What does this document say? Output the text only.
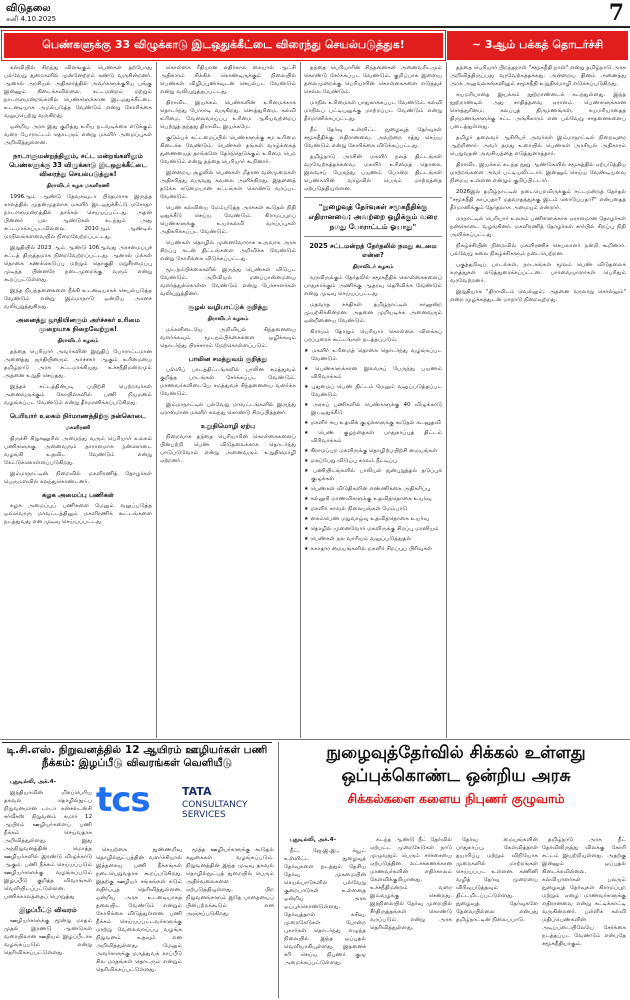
விடுதலை
சனி 4.10.2025	7
பெண்களுக்கு 33 விழுக்காடு இடஒதுக்கீட்டை விரைந்து செயல்படுத்துக!	~ 3ஆம் பக்கத் தொடர்ச்சி

கல்வியில் சிறந்து விளங்கும் பெண்கள் தற்போது பல்வேறு துறைகளில் முன்னேற்றம் கண்டு வருகின்றனர். ஆனால் அரசியல் அதிகாரத்தில் அவர்களுக்குரிய பங்கு இன்னும் கிடைக்கவில்லை. சட்டமன்றம் மற்றும் நாடாளுமன்றங்களில் பெண்களுக்கான இடஒதுக்கீட்டை உடனடியாக அமல்படுத்த வேண்டும் என்று கோரிக்கை வலுப்பெற்று வருகிறது.

ஒன்றிய அரசு இது குறித்து உரிய நடவடிக்கை எடுக்கும் வரை போராட்டம் தொடரும் என்று மகளிர் அமைப்புகள் அறிவித்துள்ளன.

நாடாளுமன்றத்திலும், சட்ட மன்றங்களிலும் பெண்களுக்கு 33 விழுக்காடு இடஒதுக்கீட்டை விரைந்து செயல்படுத்துக!
திராவிடர் கழக மகளிரணி

1996ஆம் ஆண்டு தேவகவுடா பிரதமராக இருந்த காலத்தில் முதன்முதலாக மகளிர் இடஒதுக்கீட்டு மசோதா நாடாளுமன்றத்தில் தாக்கல் செய்யப்பட்டது. அதன் பின்னர் பல ஆண்டுகள் கடந்தும் அது சட்டமாக்கப்படவில்லை. 2010ஆம் ஆண்டில் மாநிலங்களவையில் நிறைவேற்றப்பட்டது.

இறுதியில் 2023 ஆம் ஆண்டு 106ஆவது அரசமைப்புச் சட்டத் திருத்தமாக நிறைவேற்றப்பட்டது. ஆனால் மக்கள் தொகை கணக்கெடுப்பு மற்றும் தொகுதி மறுசீரமைப்பு முடிந்த பின்னரே நடைமுறைக்கு வரும் என்று கூறப்பட்டுள்ளது.

இந்த நிபந்தனைகளை நீக்கி உடனடியாகச் செயல்படுத்த வேண்டும் என்று இம்மாநாடு ஒன்றிய அரசை வலியுறுத்துகிறது.

அனைத்து ஜாதியினரும் அர்ச்சகர் உரிமை முறையாக நிறைவேற்றுக!
திராவிடர் கழகம்

தந்தை பெரியார் அவர்களின் இறுதிப் போராட்டமான அனைத்து ஜாதியினரும் அர்ச்சகர் ஆகும் உரிமையை தமிழ்நாடு அரசு சட்டமாக்கியது. உச்சநீதிமன்றமும் அதனை உறுதி செய்தது.

இந்தச் சட்டத்தின்படி பயிற்சி பெற்றவர்கள் அனைவருக்கும் கோயில்களில் பணி நியமனம் வழங்கப்பட வேண்டும் என்று தீர்மானிக்கப்படுகிறது.

பெரியார் உலகம் நிர்மாணத்திற்கு நன்கொடை
மகளிரணி

திருச்சி சிறுகனூரில் அமைந்து வரும் பெரியார் உலகம் பணிகளுக்கு அனைவரும் தாராளமாக நன்கொடை வழங்கி உதவிட வேண்டும் என்று கேட்டுக்கொள்ளப்படுகிறது.

இம்மாநாட்டின் நிறைவில் மகளிரணித் தோழர்கள் பெருமளவில் கலந்துகொண்டனர்.

கழக அமைப்பு பணிகள்

கழக அமைப்புப் பணிகளை மேலும் வலுப்படுத்த ஒவ்வொரு மாவட்டத்திலும் மகளிரணிக் கூட்டங்களை நடத்துவது என முடிவு செய்யப்பட்டது.

கொள்கை ரீதியான எதிர்கால கையால் ஆட்சி அதிகாரம் சிக்கிக் கொண்டிருக்கும் நிலையில் பெண்கள் விழிப்புணர்வுடன் செயல்பட வேண்டும் என்று வலியுறுத்தப்பட்டது.

திராவிட இயக்கம் பெண்களின் உரிமைக்காக தொடர்ந்து போராடி வருகிறது. சொத்துரிமை, கல்வி உரிமை, வேலைவாய்ப்பு உரிமை ஆகியவற்றைப் பெற்றுத் தந்தது திராவிட இயக்கமே.

குடும்பக் கட்டமைப்பில் பெண்களுக்கு சம உரிமை கிடைக்க வேண்டும். பெண்கள் தங்கள் வாழ்க்கைத் துணையைத் தாங்களே தேர்ந்தெடுக்கும் உரிமை பெற வேண்டும் என்று தந்தை பெரியார் கூறினார்.

இன்றைய சூழலில் பெண்கள் மீதான வன்முறைகள் அதிகரித்து வருவது கவலை அளிக்கிறது. இதனைத் தடுக்க கடுமையான சட்டங்கள் கொண்டு வரப்பட வேண்டும்.

பெண் கல்வியை மேம்படுத்த அரசுகள் கூடுதல் நிதி ஒதுக்கீடு செய்ய வேண்டும். கிராமப்புறப் பெண்களுக்கு உயர்கல்வி வாய்ப்புகள் அதிகரிக்கப்பட வேண்டும்.

பெண்கள் தொழில் முனைவோராக உருவாக அரசு சிறப்பு கடன் திட்டங்களை அறிவிக்க வேண்டும் என்று கோரிக்கை விடுக்கப்பட்டது.

மூடநம்பிக்கைகளில் இருந்து பெண்கள் விடுபட வேண்டும். அறிவியல் மனப்பான்மையை வளர்த்துக்கொள்ள வேண்டும் என்று பேச்சாளர்கள் வலியுறுத்தினர்.

சூழல் வழிபாட்டுக் குறித்து
திராவிடர் கழகம்

மக்களிடையே அறிவியல் சிந்தனையை வளர்க்கவும் மூடநம்பிக்கைகளை ஒழிக்கவும் தொடர்ந்து பிரச்சாரம் மேற்கொள்ளப்படும்.

பாலின சமத்துவம் குறித்து

பள்ளிப் பாடத்திட்டங்களில் பாலின சமத்துவம் குறித்த பாடங்கள் சேர்க்கப்பட வேண்டும். மாணவர்களிடையே சமத்துவச் சிந்தனையை வளர்க்க வேண்டும்.

இம்மாநாட்டில் பல்வேறு மாவட்டங்களில் இருந்து ஏராளமான மகளிர் கலந்து கொண்டு சிறப்பித்தனர்.

உறுதிமொழி ஏற்பு

நிறைவாக தந்தை பெரியாரின் கொள்கைகளைப் பின்பற்றி பெண் விடுதலைக்காக தொடர்ந்து பாடுபடுவோம் என்று அனைவரும் உறுதிமொழி ஏற்றனர்.

தந்தை பெரியாரின் சிந்தனைகள் அனைவரிடமும் கொண்டு சேர்க்கப்பட வேண்டும். குறிப்பாக இளைய தலைமுறைக்கு பெரியாரின் கொள்கைகளை எடுத்துச் செல்ல வேண்டும்.

மாநில உரிமைகள் பாதுகாக்கப்பட வேண்டும். கல்வி மாநிலப் பட்டியலுக்கு மாற்றப்பட வேண்டும் என்று தீர்மானிக்கப்பட்டது.

நீட் தேர்வு உள்ளிட்ட நுழைவுத் தேர்வுகள் சமூகநீதிக்கு எதிரானவை. அவற்றை ரத்து செய்ய வேண்டும் என்று கோரிக்கை விடுக்கப்பட்டது.

தமிழ்நாடு அரசின் மகளிர் நலத் திட்டங்கள் வரவேற்கத்தக்கவை. மகளிர் உரிமைத் தொகை, இலவசப் பேருந்து பயணம் போன்ற திட்டங்கள் பெண்களின் வாழ்வில் பெரும் மாற்றத்தை ஏற்படுத்தியுள்ளன.

"நுழைவுத் தேர்வுகள் சமூகநீதிக்கு எதிரானவை; அவற்றை ஒழிக்கும் வரை நமது போராட்டம் ஓயாது"
2025 சட்டமன்றத் தேர்தலில் நமது கடமை என்ன?
திராவிடர் கழகம்

வரவிருக்கும் தேர்தலில் சமூகநீதிக் கொள்கைகளைப் பாதுகாக்கும் அணிக்கு ஆதரவு தெரிவிக்க வேண்டும் என்று முடிவு செய்யப்பட்டது.

மதவாத சக்திகள் தமிழ்நாட்டில் காலூன்ற முயற்சிக்கின்றன. அதனை முறியடிக்க அனைவரும் ஒன்றிணைய வேண்டும்.

கிராமம் தோறும் பெரியார் கொள்கை விளக்கப் பரப்புரைக் கூட்டங்கள் நடத்தப்படும்.

★ மகளிர் உரிமைத் தொகை தொடர்ந்து வழங்கப்பட வேண்டும்
★ பெண்களுக்கான இலவசப் பேருந்து பயணம் விரிவாக்கம்
★ புதுமைப் பெண் திட்டம் மேலும் வலுப்படுத்தப்பட வேண்டும்
★ அரசுப் பணிகளில் பெண்களுக்கு 40 விழுக்காடு இடஒதுக்கீடு
★ மகளிர் சுய உதவிக் குழுக்களுக்கு கூடுதல் கடனுதவி
★ பெண் குழந்தைகள் பாதுகாப்புத் திட்டம் விரிவாக்கம்
★ கிராமப்புற மகளிருக்கு தொழிற்பயிற்சி மையங்கள்
★ மகப்பேறு விடுப்பு காலம் நீட்டிப்பு
★ பணியிடங்களில் பாலியல் துன்புறுத்தல் தடுப்புக் குழுக்கள்
★ பெண்கள் விடுதிகளின் எண்ணிக்கை அதிகரிப்பு
★ கல்லூரி மாணவிகளுக்கு உதவித்தொகை உயர்வு
★ மகளிர் காவல் நிலையங்கள் மேம்பாடு
★ கைம்பெண் மறுவாழ்வு உதவித்தொகை உயர்வு
★ தொழில் முனைவோர் மகளிருக்கு சிறப்பு மானியம்
★ பெண்கள் நல வாரியம் வலுப்படுத்துதல்
★ சுகாதார மையங்களில் மகளிர் சிறப்புப் பிரிவுகள்

தந்தை பெரியார் பிறந்தநாள் "சமூகநீதி நாள்" என்று தமிழ்நாடு அரசு அறிவித்திருப்பது வரவேற்கத்தக்கது. அன்றைய தினம் அனைத்து அரசு அலுவலகங்களிலும் சமூகநீதி உறுதிமொழி எடுக்கப்படுகிறது.

சுயமரியாதை இயக்கம் நூற்றாண்டைக் கடந்துள்ளது. இந்த நூற்றாண்டில் அது சாதித்தவை ஏராளம். பெண்களுக்கான சொத்துரிமை, கலப்புத் திருமணங்கள், சுயமரியாதைத் திருமணங்களுக்கு சட்ட அங்கீகாரம் என பல்வேறு சாதனைகளைப் படைத்துள்ளது.

தமிழர் தலைவர் ஆசிரியர் அவர்கள் இம்மாநாட்டில் நிறைவுரை ஆற்றினார். அவர் தமது உரையில் பெண்கள் அரசியல் அதிகாரம் பெறுவதன் அவசியத்தை எடுத்துரைத்தார்.

திராவிட இயக்கம் கடந்த நூறு ஆண்டுகளில் சமூகத்தில் ஏற்படுத்திய மாற்றங்களை அவர் பட்டியலிட்டார். இன்னும் செய்ய வேண்டியவை நிறைய உள்ளன என்றும் குறிப்பிட்டார்.

2026இல் தமிழ்நாட்டில் நடைபெறவிருக்கும் சட்டமன்றத் தேர்தல் "சமூகநீதி காப்பதா? மதவாதத்துக்கு இடம் கொடுப்பதா?" என்பதைத் தீர்மானிக்கும் தேர்தலாக அமையும் என்றார்.

மாநாட்டில் பெரியார் உலகம் பணிகளுக்காக ஏராளமான தோழர்கள் நன்கொடை வழங்கினர். மகளிரணித் தோழர்கள் சார்பில் சிறப்பு நிதி அளிக்கப்பட்டது.

நிகழ்ச்சியின் நிறைவில் மகளிரணிச் செயலாளர் நன்றி கூறினார். பல்வேறு கலை நிகழ்ச்சிகளும் நடைபெற்றன.

பகுத்தறிவுப் பாடல்கள், நாடகங்கள் மூலம் பெண் விடுதலைக் கருத்துகள் எடுத்துரைக்கப்பட்டன. பார்வையாளர்கள் பெரிதும் வரவேற்றனர்.

இறுதியாக "திராவிடம் வெல்லும்; அதனை வரலாறு சொல்லும்" என்ற முழக்கத்துடன் மாநாடு நிறைவுற்றது.

டி.சி.எஸ். நிறுவனத்தில் 12 ஆயிரம் ஊழியர்கள் பணி நீக்கம்: இழப்பீடு விவரங்கள் வெளியீடு
tcs	TATA
CONSULTANCY
SERVICES

புதுடில்லி, அக்.4-

இந்தியாவின் மிகப்பெரிய தகவல் தொழில்நுட்ப நிறுவனமான டாடா கன்சல்டன்சி சர்வீசஸ் நிறுவனம் சுமார் 12 ஆயிரம் ஊழியர்களைப் பணி நீக்கம் செய்வதாக அறிவித்துள்ளது. இது அந்நிறுவனத்தின் மொத்த ஊழியர்களில் இரண்டு விழுக்காடு ஆகும். பணி நீக்கம் செய்யப்படும் ஊழியர்களுக்கு வழங்கப்படும் இழப்பீடு குறித்த விவரங்கள் வெளியிடப்பட்டுள்ளன. பணிக்காலத்தைப் பொறுத்து

இழப்பீட்டு விவரம்

ஊழியர்களுக்கு மூன்று மாதம் முதல் இரண்டு ஆண்டுகள் வரையிலான ஊதியம் இழப்பீடாக வழங்கப்படும் என்று தெரிவிக்கப்பட்டுள்ளது.

செயற்கை நுண்ணறிவு தொழில்நுட்பத்தின் வளர்ச்சியால் இத்தகைய பணி நீக்கங்கள் நடைபெறுவதாக கூறப்படுகிறது. இதற்கு ஊழியர் சங்கங்கள் கடும் எதிர்ப்புத் தெரிவித்துள்ளன. ஒன்றிய அரசு உடனடியாகத் தலையிட வேண்டும் என்றும் கோரிக்கை விடுத்துள்ளன. பணி நீக்கம் செய்யப்பட்டவர்களுக்கு மாற்று வேலைவாய்ப்பு வழங்க நிறுவனம் உதவும் என அறிவித்துள்ளது. மேலும் அவர்களுக்கு மருத்துவக் காப்பீடு சில மாதங்கள் தொடரும் என்றும் தெரிவிக்கப்பட்டுள்ளது.

மூத்த ஊழியர்களுக்கு கூடுதல் சலுகைகள் வழங்கப்படும். நிறுவனத்தின் இந்த முடிவு தகவல் தொழில்நுட்பத் துறையில் பெரும் அதிர்வலைகளை ஏற்படுத்தியுள்ளது. பிற நிறுவனங்களும் இதே பாதையைப் பின்பற்றக்கூடும் என அஞ்சப்படுகிறது.

நுழைவுத்தேர்வில் சிக்கல் உள்ளது
ஒப்புக்கொண்ட ஒன்றிய அரசு
சிக்கல்களை களைய நிபுணர் குழுவாம்

புதுடில்லி, அக்.4-

நீட், ஜே.இ.இ., க்யூட் உள்ளிட்ட நுழைவுத் தேர்வுகளை நடத்தும் தேசிய தேர்வு முகமையின் செயல்பாடுகளில் பல்வேறு குறைபாடுகள் உள்ளதை ஒன்றிய அரசு ஒப்புக்கொண்டுள்ளது. தேர்வுத்தாள் கசிவு, முறைகேடுகள் போன்ற புகார்கள் தொடர்ந்து எழுந்த நிலையில் இந்த ஒப்புதல் வெளியாகியுள்ளது. இதனைச் சரி செய்ய நிபுணர் குழு அமைக்கப்பட்டுள்ளது.

கடந்த ஆண்டு நீட் தேர்வில் ஏற்பட்ட முறைகேடுகள் நாடு முழுவதும் பெரும் சர்ச்சையை ஏற்படுத்தின. லட்சக்கணக்கான மாணவர்களின் எதிர்காலம் கேள்விக்குறியானது. உச்சநீதிமன்றம் வரை இவ்வழக்கு சென்றது. இந்நிலையில் தேர்வு முறையில் சீர்திருத்தங்கள் கொண்டு வரப்படும் என்று அரசு தெரிவித்துள்ளது.

தேர்வு மையங்களின் பாதுகாப்பு, கேள்வித்தாள் தயாரிப்பு மற்றும் விநியோக முறைகளில் மாற்றங்கள் செய்யப்பட உள்ளன. கணினி வழித் தேர்வு முறையை விரிவுபடுத்தவும் திட்டமிடப்பட்டுள்ளது. நுழைவுத் தேர்வுகளே தேவையில்லை என்பது தமிழ்நாட்டின் நிலைப்பாடு.

தமிழ்நாடு அரசு நீட் தேர்விலிருந்து விலக்கு கோரி சட்டம் இயற்றியுள்ளது. அதற்கு இன்னும் ஒப்புதல் கிடைக்கவில்லை. கல்வியாளர்கள் பலரும் நுழைவுத் தேர்வுகள் கிராமப்புற மற்றும் ஏழை மாணவர்களுக்கு எதிரானவை என்று சுட்டிக்காட்டி வருகின்றனர். பள்ளிக் கல்வி மதிப்பெண்களின் அடிப்படையிலேயே சேர்க்கை நடத்தப்பட வேண்டும் என்பதே சமூகநீதியாகும்.
